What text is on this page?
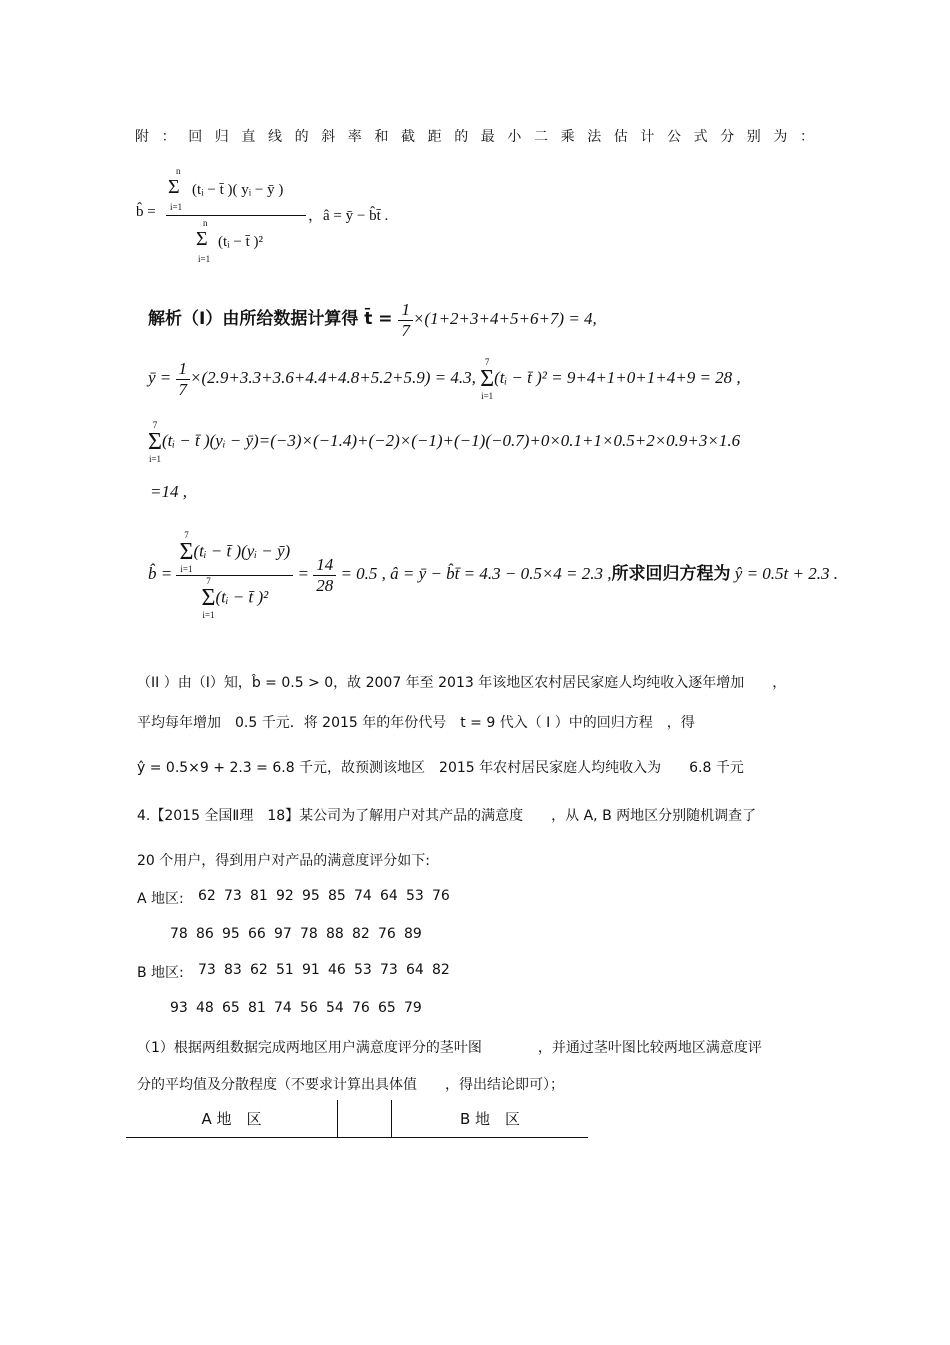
附：回归直线的斜率和截距的最小二乘法估计公式分别为：
b̂ =
n
Σ
i=1
(tᵢ − t̄ )( yᵢ − ȳ )
n
Σ
i=1
(tᵢ − t̄ )²
，â = ȳ − b̂t̄ .
解析（I）由所给数据计算得 t̄ = $\frac{1}{7} \times(1+2+3+4+5+6+7) = 4$,
ȳ = $\frac{1}{7} \times(2.9+3.3+3.6+4.4+4.8+5.2+5.9) = 4.3$,
7
Σ
i=1
(tᵢ − t̄ )² = 9+4+1+0+1+4+9 = 28 ,
7
Σ
i=1
(tᵢ − t̄ )(yᵢ − ȳ)=(−3)×(−1.4)+(−2)×(−1)+(−1)(−0.7)+0×0.1+1×0.5+2×0.9+3×1.6
=14 ,
b̂ = 7
Σ
i=1
(tᵢ − t̄ )(yᵢ − ȳ)
7
Σ
i=1
(tᵢ − t̄ )$^2 = \frac{14}{28} = 0.5$ , â = ȳ − b̂t̄ = 4.3 − 0.5×4 = 2.3 ,所求回归方程为 ŷ = 0.5t + 2.3 .
（II ）由（I）知，b̂ = 0.5 > 0，故 2007 年至 2013 年该地区农村居民家庭人均纯收入逐年增加　　，
平均每年增加　0.5 千元．将 2015 年的年份代号　t = 9 代入（ I ）中的回归方程　，得
ŷ = 0.5×9 + 2.3 = 6.8 千元，故预测该地区　2015 年农村居民家庭人均纯收入为　　6.8 千元
4.【2015 全国Ⅱ理　18】某公司为了解用户对其产品的满意度　　，从 A, B 两地区分别随机调查了
20 个用户，得到用户对产品的满意度评分如下:
A 地区: 62 73 81 92 95 85 74 64 53 76
78 86 95 66 97 78 88 82 76 89
B 地区: 73 83 62 51 91 46 53 73 64 82
93 48 65 81 74 56 54 76 65 79
（1）根据两组数据完成两地区用户满意度评分的茎叶图　　　　，并通过茎叶图比较两地区满意度评
分的平均值及分散程度（不要求计算出具体值　　，得出结论即可）；
A 地　区		B 地　区
